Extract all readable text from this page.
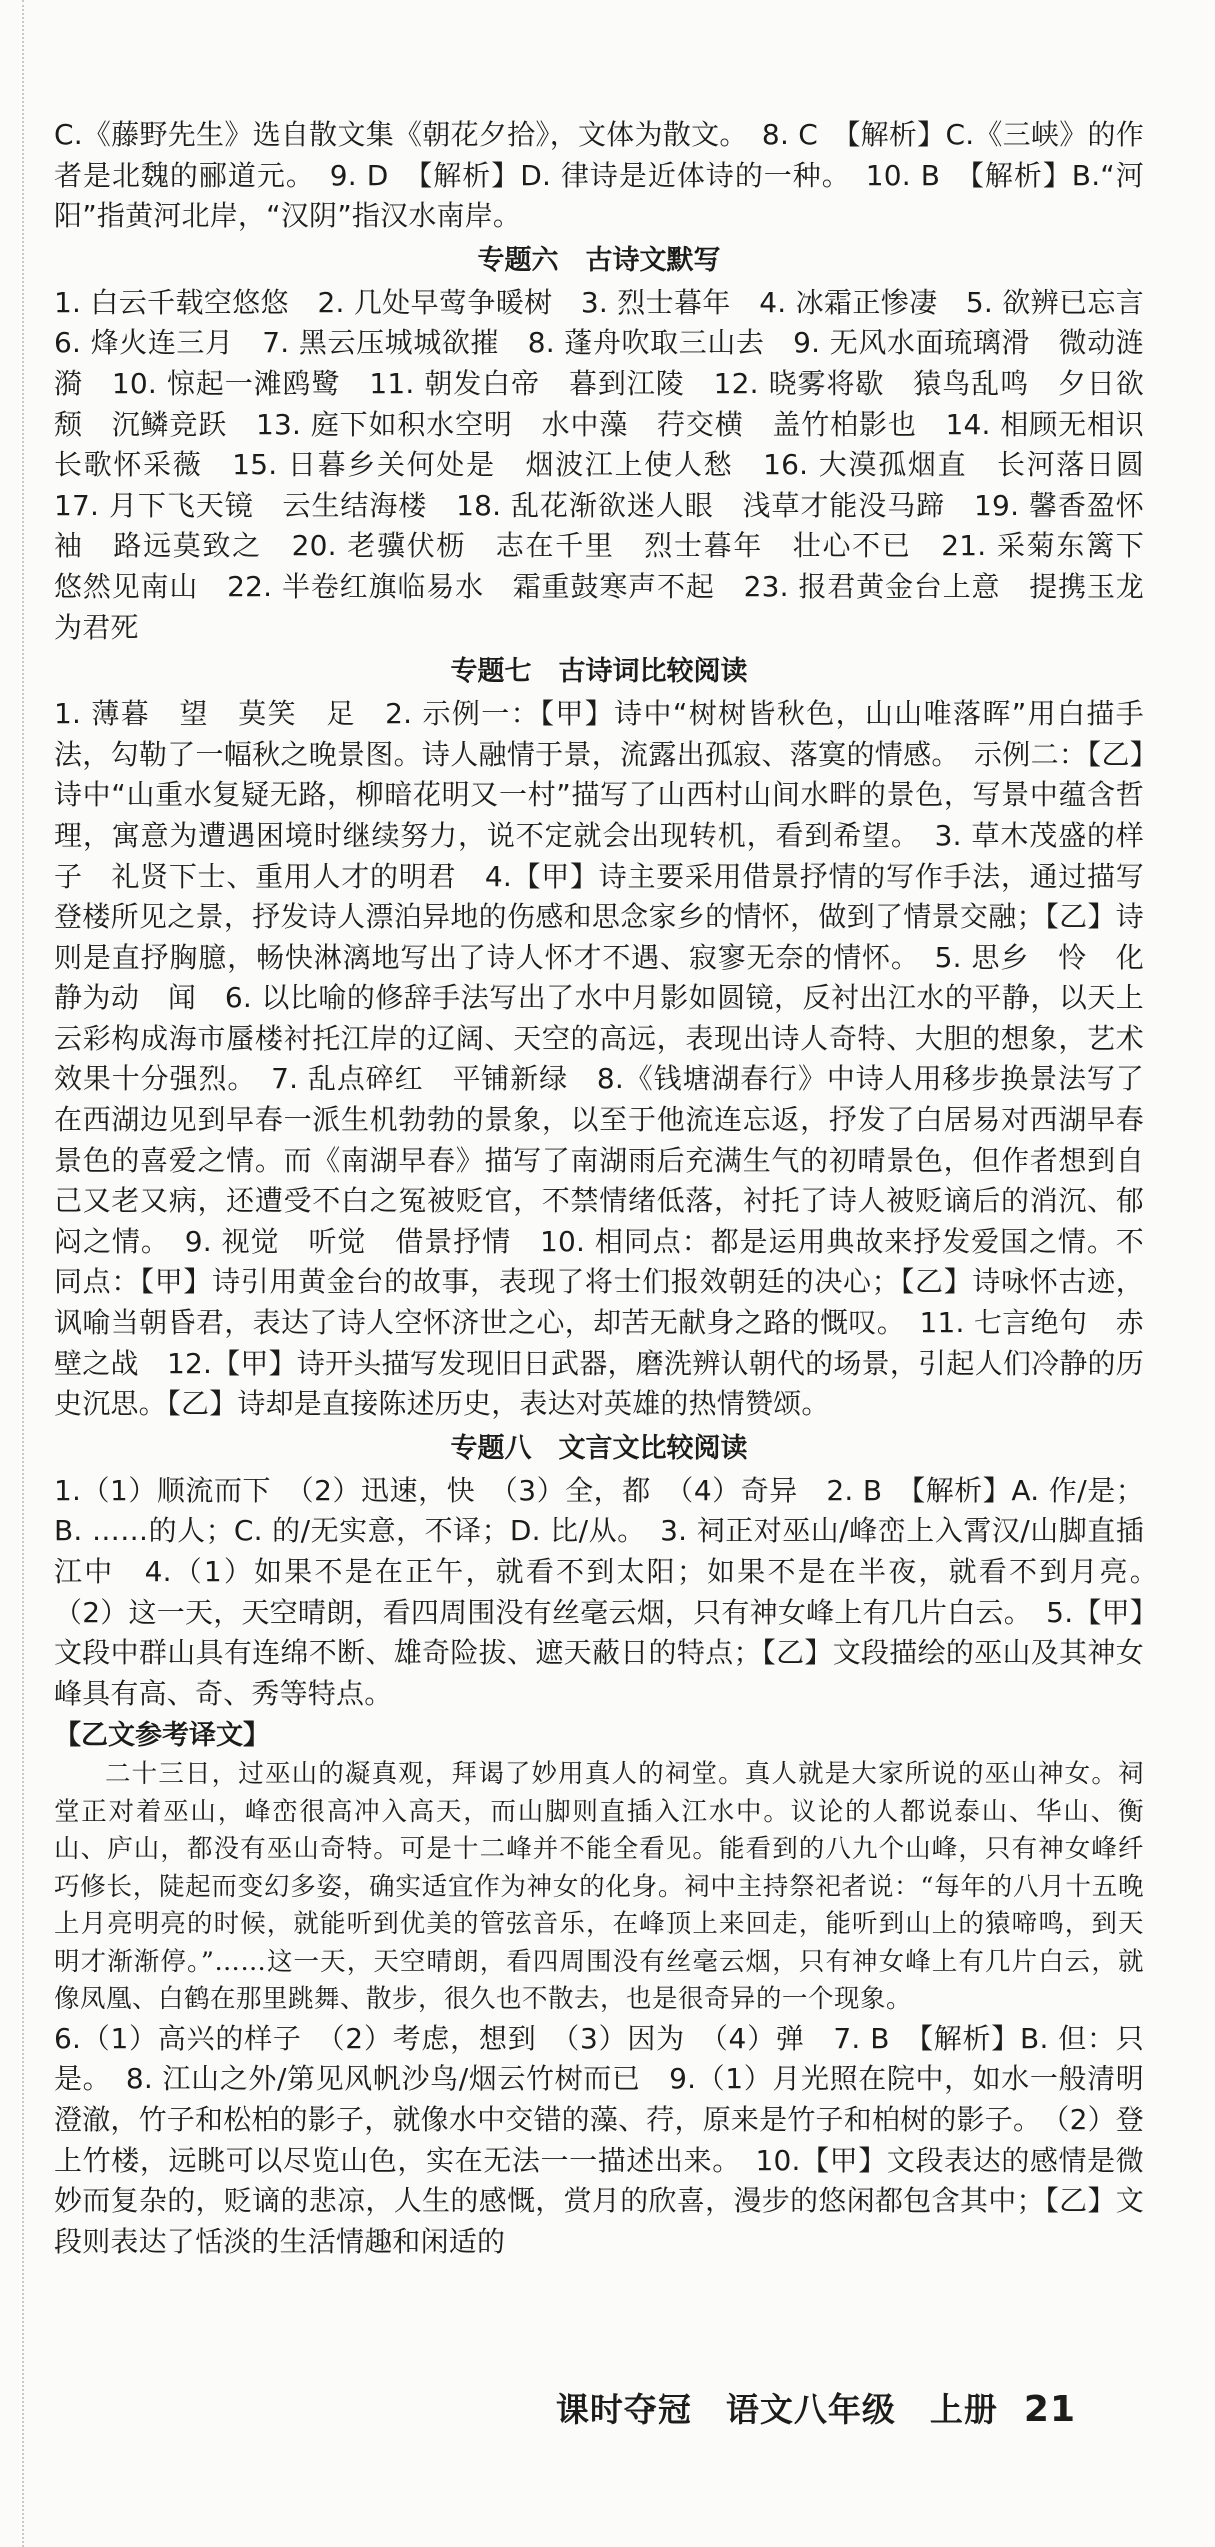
C.《藤野先生》选自散文集《朝花夕拾》，文体为散文。　8. C　【解析】C.《三峡》的作者是北魏的郦道元。　9. D　【解析】D. 律诗是近体诗的一种。　10. B　【解析】B.“河阳”指黄河北岸，“汉阴”指汉水南岸。

专题六　古诗文默写

1. 白云千载空悠悠　2. 几处早莺争暖树　3. 烈士暮年　4. 冰霜正惨凄　5. 欲辨已忘言　6. 烽火连三月　7. 黑云压城城欲摧　8. 蓬舟吹取三山去　9. 无风水面琉璃滑　微动涟漪　10. 惊起一滩鸥鹭　11. 朝发白帝　暮到江陵　12. 晓雾将歇　猿鸟乱鸣　夕日欲颓　沉鳞竞跃　13. 庭下如积水空明　水中藻　荇交横　盖竹柏影也　14. 相顾无相识　长歌怀采薇　15. 日暮乡关何处是　烟波江上使人愁　16. 大漠孤烟直　长河落日圆　17. 月下飞天镜　云生结海楼　18. 乱花渐欲迷人眼　浅草才能没马蹄　19. 馨香盈怀袖　路远莫致之　20. 老骥伏枥　志在千里　烈士暮年　壮心不已　21. 采菊东篱下　悠然见南山　22. 半卷红旗临易水　霜重鼓寒声不起　23. 报君黄金台上意　提携玉龙为君死

专题七　古诗词比较阅读

1. 薄暮　望　莫笑　足　2. 示例一：【甲】诗中“树树皆秋色，山山唯落晖”用白描手法，勾勒了一幅秋之晚景图。诗人融情于景，流露出孤寂、落寞的情感。　示例二：【乙】诗中“山重水复疑无路，柳暗花明又一村”描写了山西村山间水畔的景色，写景中蕴含哲理，寓意为遭遇困境时继续努力，说不定就会出现转机，看到希望。　3. 草木茂盛的样子　礼贤下士、重用人才的明君　4.【甲】诗主要采用借景抒情的写作手法，通过描写登楼所见之景，抒发诗人漂泊异地的伤感和思念家乡的情怀，做到了情景交融；【乙】诗则是直抒胸臆，畅快淋漓地写出了诗人怀才不遇、寂寥无奈的情怀。　5. 思乡　怜　化静为动　闻　6. 以比喻的修辞手法写出了水中月影如圆镜，反衬出江水的平静，以天上云彩构成海市蜃楼衬托江岸的辽阔、天空的高远，表现出诗人奇特、大胆的想象，艺术效果十分强烈。　7. 乱点碎红　平铺新绿　8.《钱塘湖春行》中诗人用移步换景法写了在西湖边见到早春一派生机勃勃的景象，以至于他流连忘返，抒发了白居易对西湖早春景色的喜爱之情。而《南湖早春》描写了南湖雨后充满生气的初晴景色，但作者想到自己又老又病，还遭受不白之冤被贬官，不禁情绪低落，衬托了诗人被贬谪后的消沉、郁闷之情。　9. 视觉　听觉　借景抒情　10. 相同点：都是运用典故来抒发爱国之情。不同点：【甲】诗引用黄金台的故事，表现了将士们报效朝廷的决心；【乙】诗咏怀古迹，讽喻当朝昏君，表达了诗人空怀济世之心，却苦无献身之路的慨叹。　11. 七言绝句　赤壁之战　12.【甲】诗开头描写发现旧日武器，磨洗辨认朝代的场景，引起人们冷静的历史沉思。【乙】诗却是直接陈述历史，表达对英雄的热情赞颂。

专题八　文言文比较阅读

1.（1）顺流而下　（2）迅速，快　（3）全，都　（4）奇异　2. B　【解析】A. 作/是；B. ……的人；C. 的/无实意，不译；D. 比/从。　3. 祠正对巫山/峰峦上入霄汉/山脚直插江中　4.（1）如果不是在正午，就看不到太阳；如果不是在半夜，就看不到月亮。　（2）这一天，天空晴朗，看四周围没有丝毫云烟，只有神女峰上有几片白云。　5.【甲】文段中群山具有连绵不断、雄奇险拔、遮天蔽日的特点；【乙】文段描绘的巫山及其神女峰具有高、奇、秀等特点。

【乙文参考译文】

二十三日，过巫山的凝真观，拜谒了妙用真人的祠堂。真人就是大家所说的巫山神女。祠堂正对着巫山，峰峦很高冲入高天，而山脚则直插入江水中。议论的人都说泰山、华山、衡山、庐山，都没有巫山奇特。可是十二峰并不能全看见。能看到的八九个山峰，只有神女峰纤巧修长，陡起而变幻多姿，确实适宜作为神女的化身。祠中主持祭祀者说：“每年的八月十五晚上月亮明亮的时候，就能听到优美的管弦音乐，在峰顶上来回走，能听到山上的猿啼鸣，到天明才渐渐停。”……这一天，天空晴朗，看四周围没有丝毫云烟，只有神女峰上有几片白云，就像凤凰、白鹤在那里跳舞、散步，很久也不散去，也是很奇异的一个现象。

6.（1）高兴的样子　（2）考虑，想到　（3）因为　（4）弹　7. B　【解析】B. 但：只是。　8. 江山之外/第见风帆沙鸟/烟云竹树而已　9.（1）月光照在院中，如水一般清明澄澈，竹子和松柏的影子，就像水中交错的藻、荇，原来是竹子和柏树的影子。　（2）登上竹楼，远眺可以尽览山色，实在无法一一描述出来。　10.【甲】文段表达的感情是微妙而复杂的，贬谪的悲凉，人生的感慨，赏月的欣喜，漫步的悠闲都包含其中；【乙】文段则表达了恬淡的生活情趣和闲适的

课时夺冠　语文八年级　上册 21
